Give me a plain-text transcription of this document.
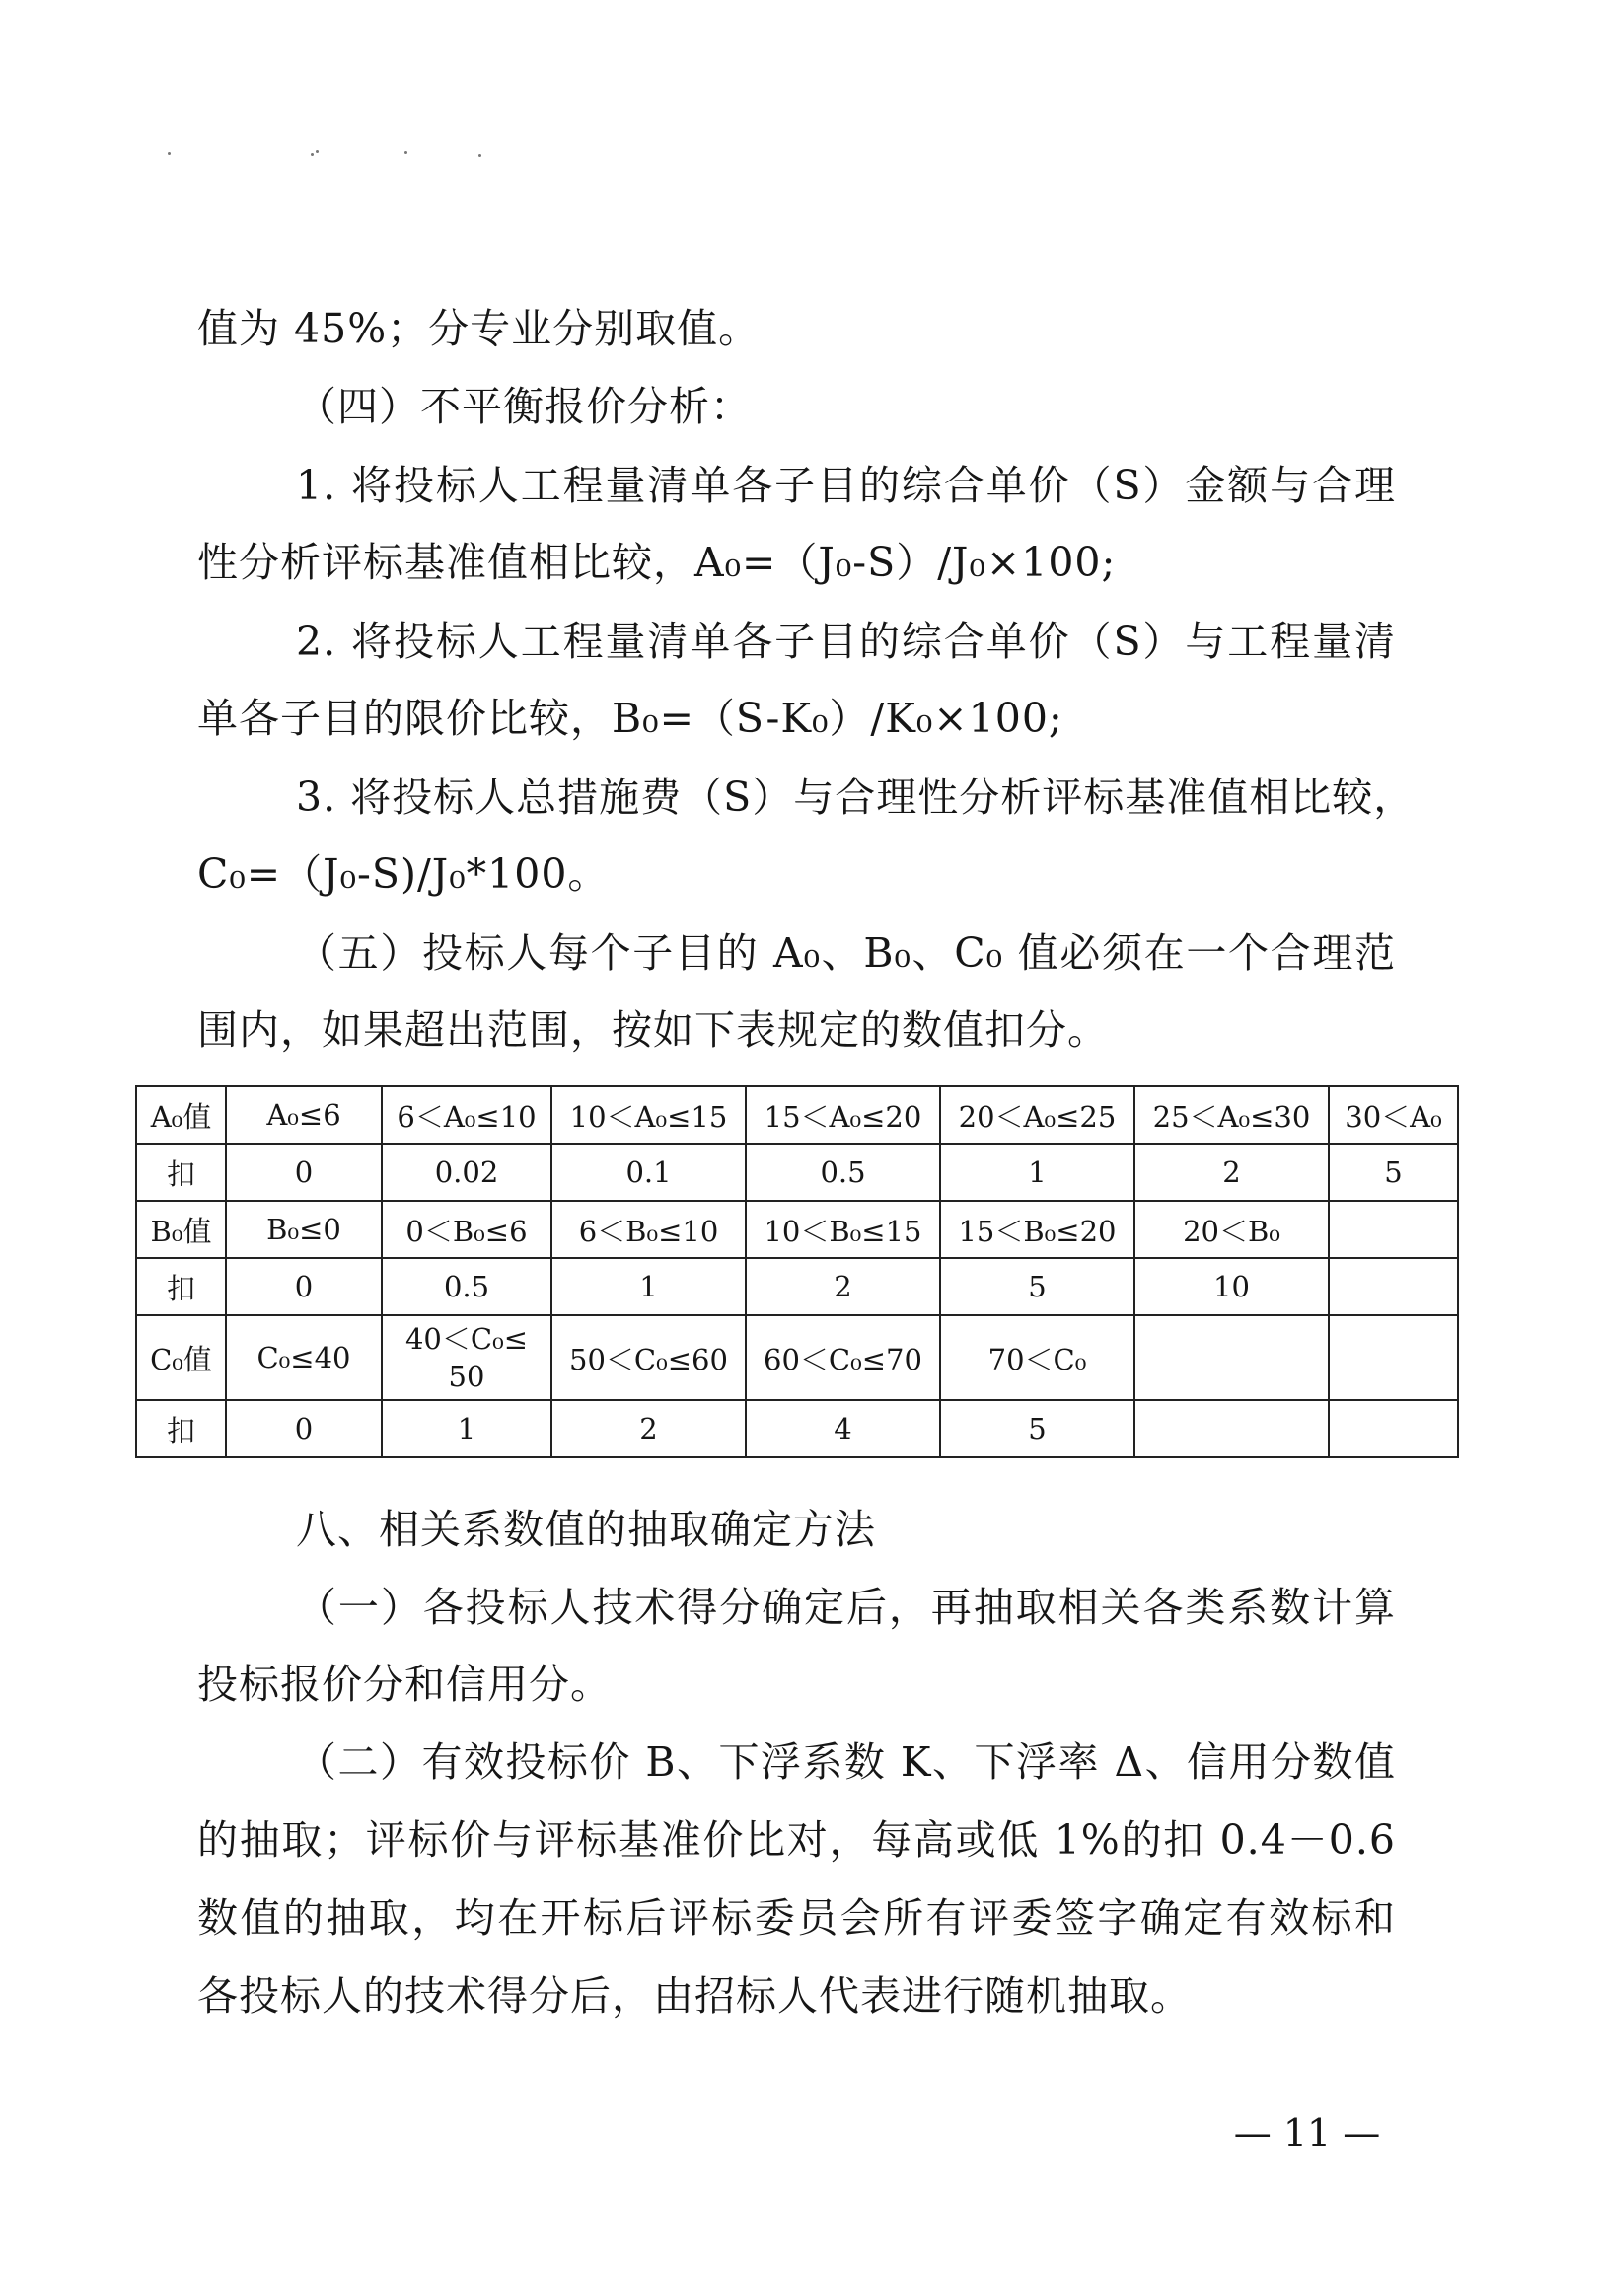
值为 45%；分专业分别取值。
（四）不平衡报价分析：
1. 将投标人工程量清单各子目的综合单价（S）金额与合理
性分析评标基准值相比较，A₀=（J₀-S）/J₀×100;
2. 将投标人工程量清单各子目的综合单价（S）与工程量清
单各子目的限价比较，B₀=（S-K₀）/K₀×100;
3. 将投标人总措施费（S）与合理性分析评标基准值相比较，
C₀=（J₀-S)/J₀*100。
（五）投标人每个子目的 A₀、B₀、C₀ 值必须在一个合理范
围内，如果超出范围，按如下表规定的数值扣分。
A₀值	A₀≤6	6＜A₀≤10	10＜A₀≤15	15＜A₀≤20	20＜A₀≤25	25＜A₀≤30	30＜A₀
扣	0	0.02	0.1	0.5	1	2	5
B₀值	B₀≤0	0＜B₀≤6	6＜B₀≤10	10＜B₀≤15	15＜B₀≤20	20＜B₀	
扣	0	0.5	1	2	5	10	
C₀值	C₀≤40	40＜C₀≤ 50	50＜C₀≤60	60＜C₀≤70	70＜C₀		
扣	0	1	2	4	5		
八、相关系数值的抽取确定方法
（一）各投标人技术得分确定后，再抽取相关各类系数计算
投标报价分和信用分。
（二）有效投标价 B、下浮系数 K、下浮率 Δ、信用分数值
的抽取；评标价与评标基准价比对，每高或低 1%的扣 0.4－0.6
数值的抽取，均在开标后评标委员会所有评委签字确定有效标和
各投标人的技术得分后，由招标人代表进行随机抽取。
— 11 —
